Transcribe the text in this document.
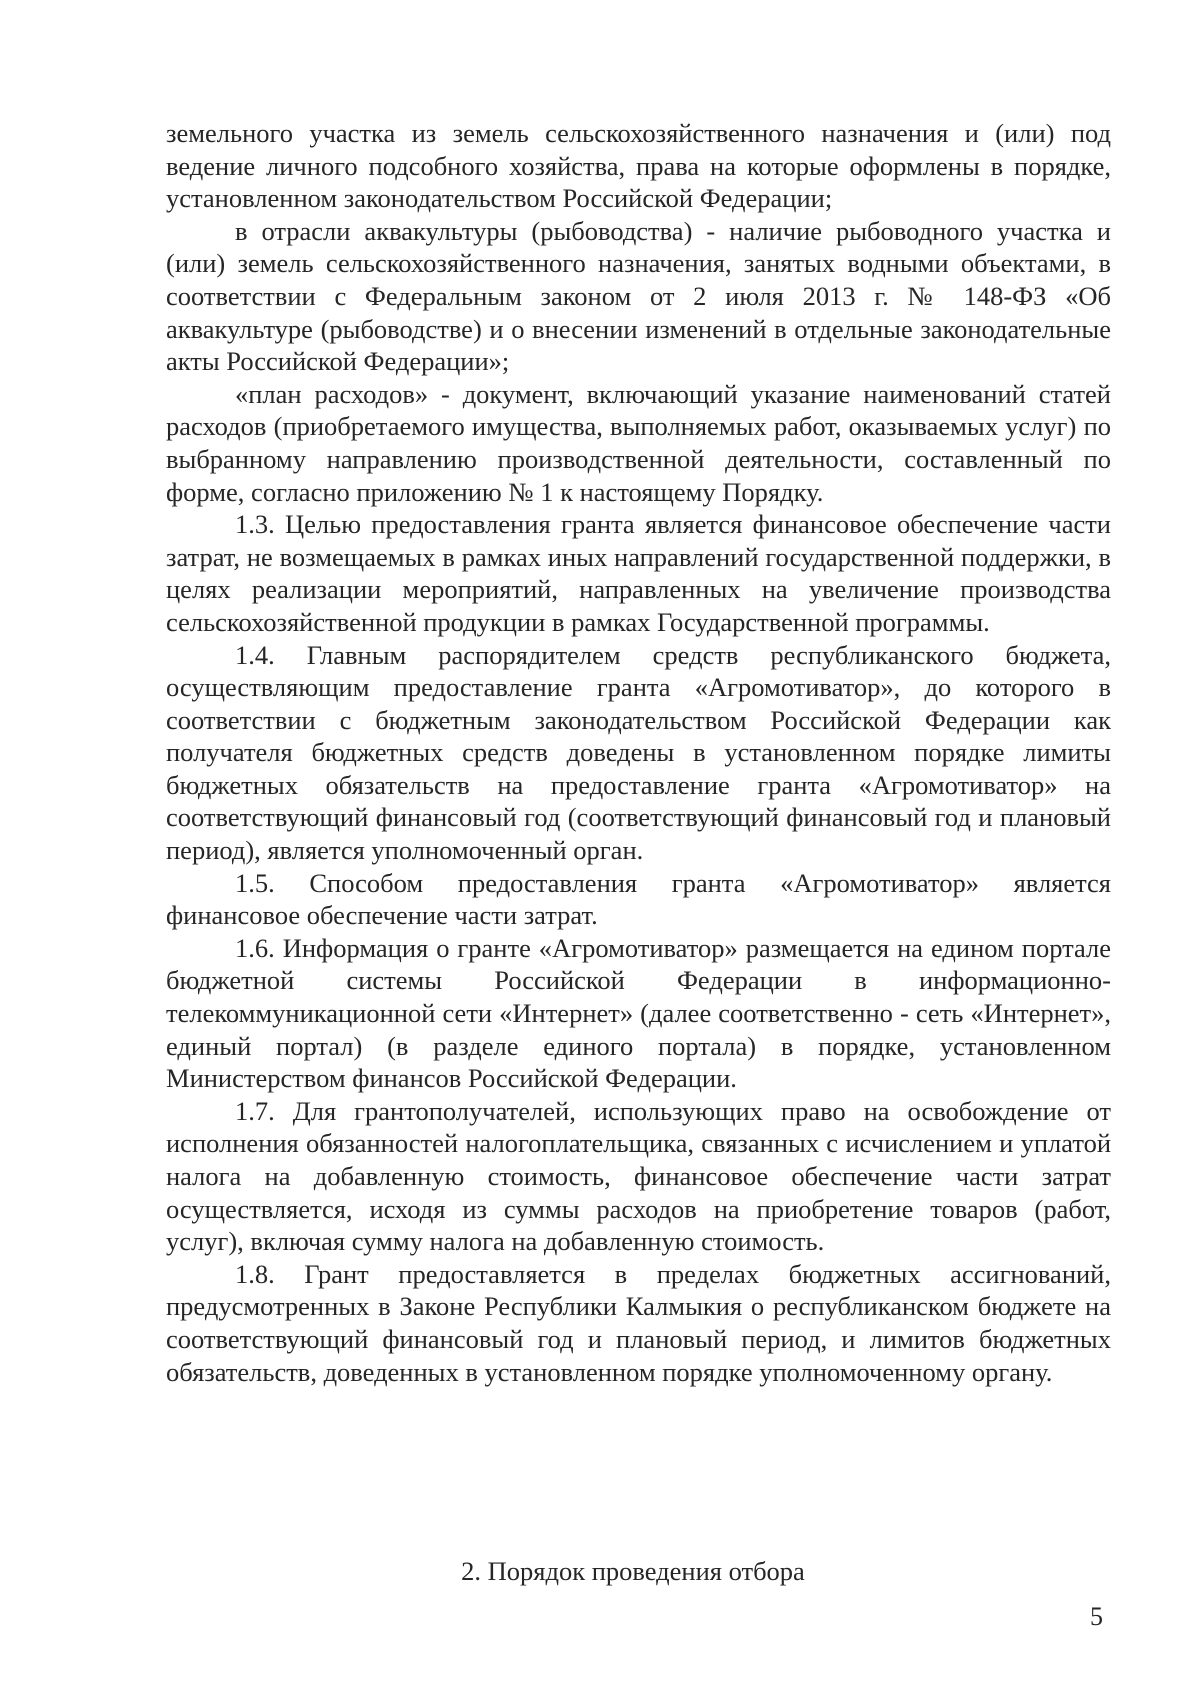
земельного участка из земель сельскохозяйственного назначения и (или) под ведение личного подсобного хозяйства, права на которые оформлены в порядке, установленном законодательством Российской Федерации;

в отрасли аквакультуры (рыбоводства) - наличие рыбоводного участка и (или) земель сельскохозяйственного назначения, занятых водными объектами, в соответствии с Федеральным законом от 2 июля 2013 г. № 148-ФЗ «Об аквакультуре (рыбоводстве) и о внесении изменений в отдельные законодательные акты Российской Федерации»;

«план расходов» - документ, включающий указание наименований статей расходов (приобретаемого имущества, выполняемых работ, оказываемых услуг) по выбранному направлению производственной деятельности, составленный по форме, согласно приложению № 1 к настоящему Порядку.

1.3. Целью предоставления гранта является финансовое обеспечение части затрат, не возмещаемых в рамках иных направлений государственной поддержки, в целях реализации мероприятий, направленных на увеличение производства сельскохозяйственной продукции в рамках Государственной программы.

1.4. Главным распорядителем средств республиканского бюджета, осуществляющим предоставление гранта «Агромотиватор», до которого в соответствии с бюджетным законодательством Российской Федерации как получателя бюджетных средств доведены в установленном порядке лимиты бюджетных обязательств на предоставление гранта «Агромотиватор» на соответствующий финансовый год (соответствующий финансовый год и плановый период), является уполномоченный орган.

1.5. Способом предоставления гранта «Агромотиватор» является финансовое обеспечение части затрат.

1.6. Информация о гранте «Агромотиватор» размещается на едином портале бюджетной системы Российской Федерации в информационно-телекоммуникационной сети «Интернет» (далее соответственно - сеть «Интернет», единый портал) (в разделе единого портала) в порядке, установленном Министерством финансов Российской Федерации.

1.7. Для грантополучателей, использующих право на освобождение от исполнения обязанностей налогоплательщика, связанных с исчислением и уплатой налога на добавленную стоимость, финансовое обеспечение части затрат осуществляется, исходя из суммы расходов на приобретение товаров (работ, услуг), включая сумму налога на добавленную стоимость.

1.8. Грант предоставляется в пределах бюджетных ассигнований, предусмотренных в Законе Республики Калмыкия о республиканском бюджете на соответствующий финансовый год и плановый период, и лимитов бюджетных обязательств, доведенных в установленном порядке уполномоченному органу.

2. Порядок проведения отбора
5
